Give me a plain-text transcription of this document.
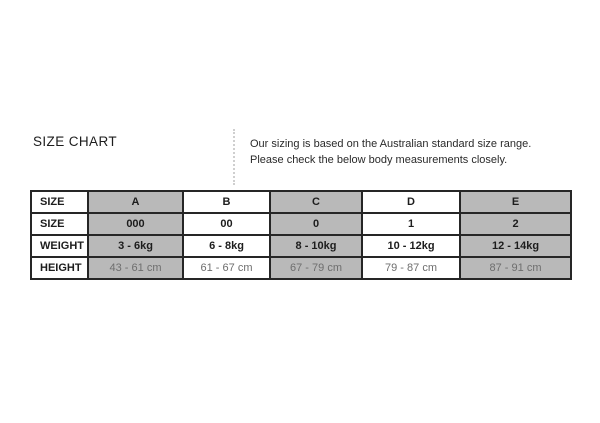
SIZE CHART	Our sizing is based on the Australian standard size range.
Please check the below body measurements closely.
SIZE	A	B	C	D	E
SIZE	000	00	0	1	2
WEIGHT	3 - 6kg	6 - 8kg	8 - 10kg	10 - 12kg	12 - 14kg
HEIGHT	43 - 61 cm	61 - 67 cm	67 - 79 cm	79 - 87 cm	87 - 91 cm
